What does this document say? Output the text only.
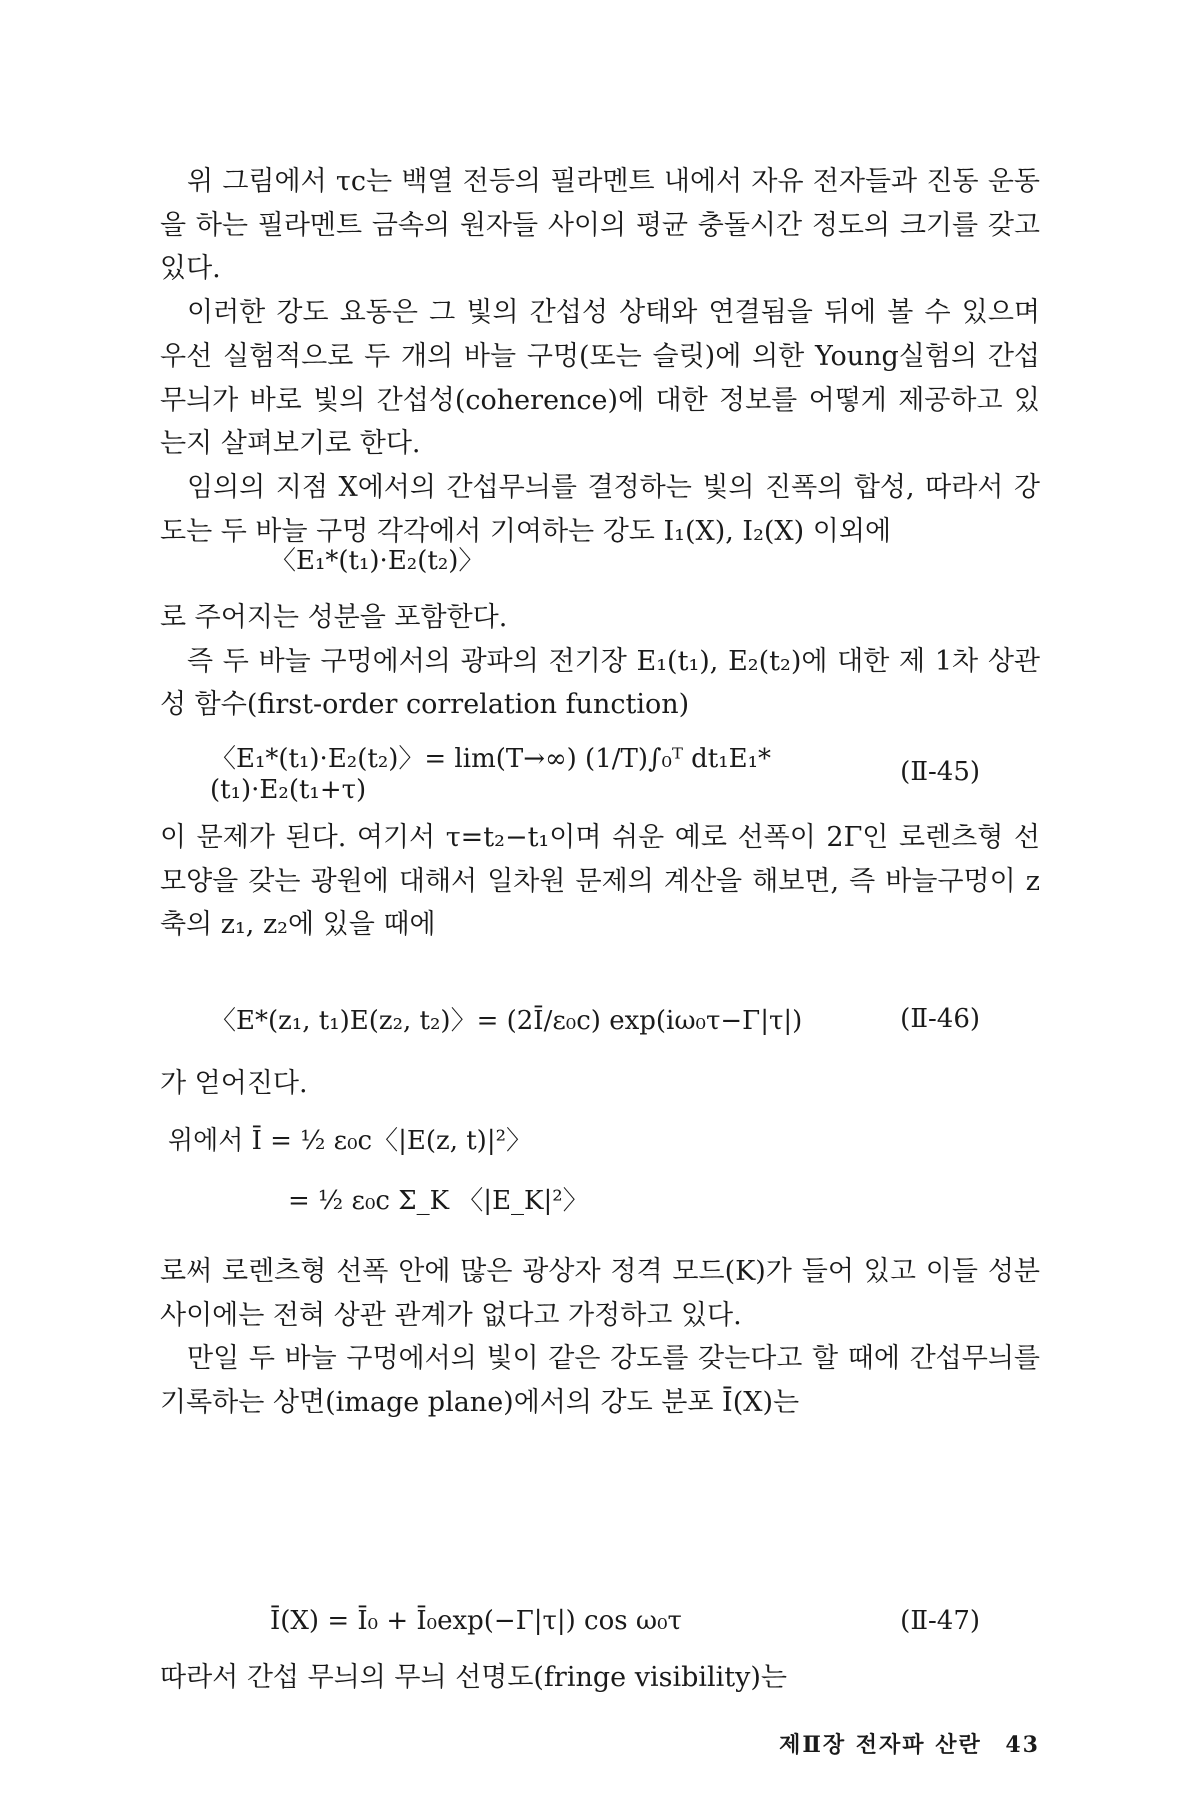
위 그림에서 τc는 백열 전등의 필라멘트 내에서 자유 전자들과 진동 운동을 하는 필라멘트 금속의 원자들 사이의 평균 충돌시간 정도의 크기를 갖고 있다.

이러한 강도 요동은 그 빛의 간섭성 상태와 연결됨을 뒤에 볼 수 있으며 우선 실험적으로 두 개의 바늘 구멍(또는 슬릿)에 의한 Young실험의 간섭 무늬가 바로 빛의 간섭성(coherence)에 대한 정보를 어떻게 제공하고 있는지 살펴보기로 한다.

임의의 지점 X에서의 간섭무늬를 결정하는 빛의 진폭의 합성, 따라서 강도는 두 바늘 구멍 각각에서 기여하는 강도 I₁(X), I₂(X) 이외에

〈E₁*(t₁)·E₂(t₂)〉

로 주어지는 성분을 포함한다.

즉 두 바늘 구멍에서의 광파의 전기장 E₁(t₁), E₂(t₂)에 대한 제 1차 상관성 함수(first-order correlation function)

〈E₁*(t₁)·E₂(t₂)〉= lim(T→∞) (1/T)∫₀ᵀ dt₁E₁*(t₁)·E₂(t₁+τ)
(Ⅱ-45)

이 문제가 된다. 여기서 τ=t₂−t₁이며 쉬운 예로 선폭이 2Γ인 로렌츠형 선 모양을 갖는 광원에 대해서 일차원 문제의 계산을 해보면, 즉 바늘구멍이 z축의 z₁, z₂에 있을 때에

〈E*(z₁, t₁)E(z₂, t₂)〉= (2Ī/ε₀c) exp(iω₀τ−Γ|τ|)	(Ⅱ-46)

가 얻어진다.

위에서 Ī = ½ ε₀c〈|E(z, t)|²〉
= ½ ε₀c Σ_K 〈|E_K|²〉

로써 로렌츠형 선폭 안에 많은 광상자 정격 모드(K)가 들어 있고 이들 성분 사이에는 전혀 상관 관계가 없다고 가정하고 있다.

만일 두 바늘 구멍에서의 빛이 같은 강도를 갖는다고 할 때에 간섭무늬를 기록하는 상면(image plane)에서의 강도 분포 Ī(X)는

Ī(X) = Ī₀ + Ī₀exp(−Γ|τ|) cos ω₀τ	(Ⅱ-47)

따라서 간섭 무늬의 무늬 선명도(fringe visibility)는

제Ⅱ장 전자파 산란 43
